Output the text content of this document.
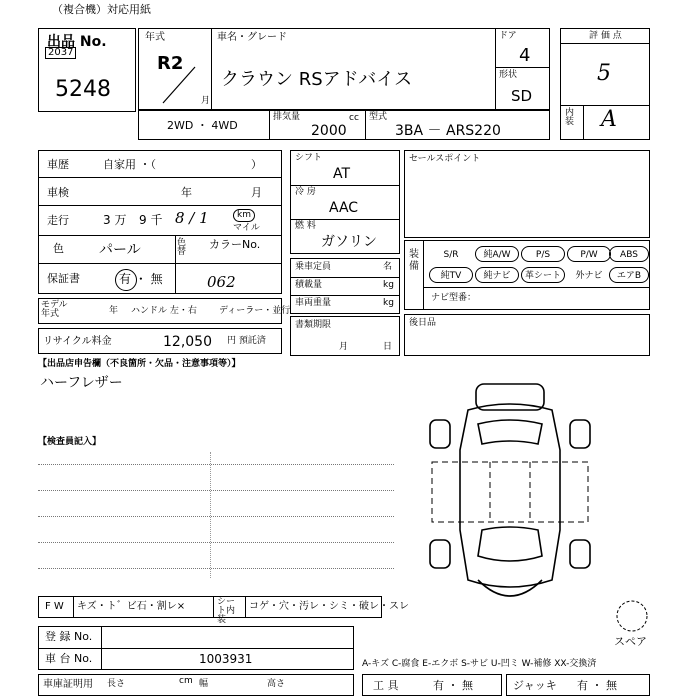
（複合機）対応用紙
出品 No.
2037
5248
年式
R2
月
車名・グレード
クラウン RSアドバイス
ドア
4
形状
SD
評 価 点
5
内装 A
2WD ・ 4WD
排気量	cc
2000
型式
3BA － ARS220
車歴	自家用 ・（	）
車検	年	月
走行	3 万 9 千 8 / 1	km
マイル
色	パール	色替
カラーNo.
062
保証書	有 ・ 無
モデル年式	年 ハンドル 左・右 ディーラー・並行
リサイクル料金	12,050 円 預託済
シフト
AT
冷 房
AAC
燃 料
ガソリン
乗車定員	名
積載量	kg
車両重量	kg
書類期限
月	日
セールスポイント
装備
S/R	純A/W	P/S	P/W	ABS
純TV	純ナビ	革シート	外ナビ	エアB
ナビ型番：
後日品
【出品店申告欄（不良箇所・欠品・注意事項等）】
ハーフレザー
【検査員記入】
スペア
F W キズ・ト゛ビ石・割レ×	シート内装
コゲ・穴・汚レ・シミ・破レ・スレ
登 録 No.
車 台 No.	1003931
車庫証明用 長さ	cm 幅	高さ
A-キズ C-腐食 E-エクボ S-サビ U-凹ミ W-補修 XX-交換済
工 具	有 ・ 無	ジャッキ 有 ・ 無
